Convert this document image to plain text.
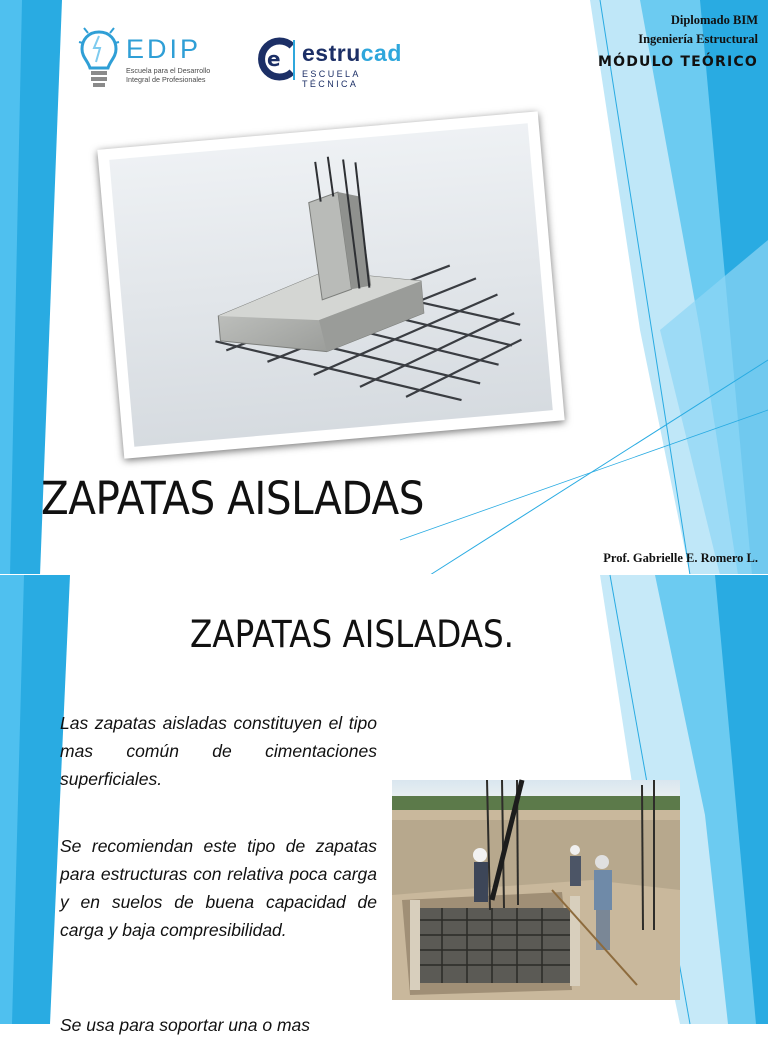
EDIP
Escuela para el Desarrollo
Integral de Profesionales
e estrucad
ESCUELA TÉCNICA
Diplomado BIM
Ingeniería Estructural
MÓDULO TEÓRICO
ZAPATAS AISLADAS
Prof. Gabrielle E. Romero L.
ZAPATAS AISLADAS.

Las zapatas aisladas constituyen el tipo mas común de cimentaciones superficiales.

Se recomiendan este tipo de zapatas para estructuras con relativa poca carga y en suelos de buena capacidad de carga y baja compresibilidad.

Se usa para soportar una o mas
